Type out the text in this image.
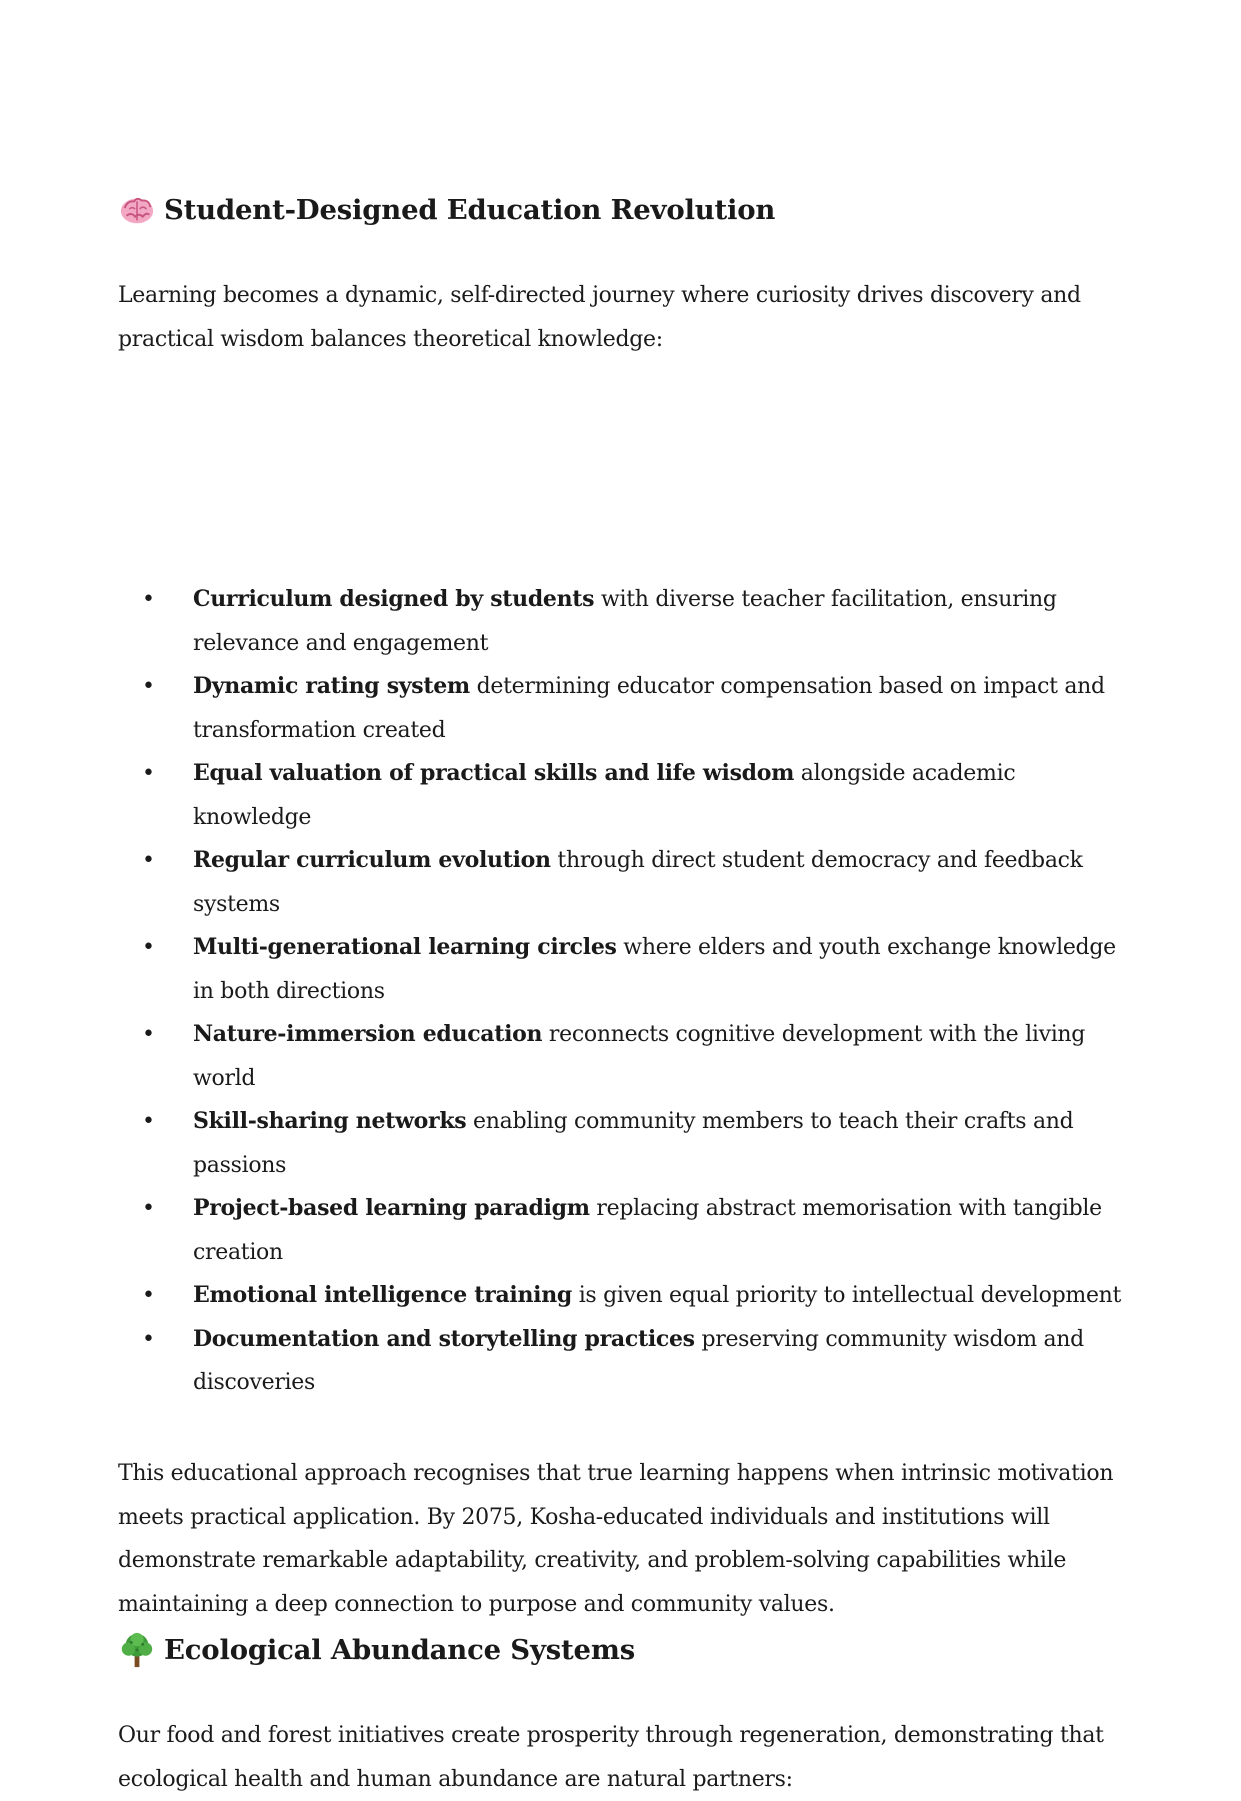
Student-Designed Education Revolution

Learning becomes a dynamic, self-directed journey where curiosity drives discovery and practical wisdom balances theoretical knowledge:

• Curriculum designed by students with diverse teacher facilitation, ensuring relevance and engagement
• Dynamic rating system determining educator compensation based on impact and transformation created
• Equal valuation of practical skills and life wisdom alongside academic knowledge
• Regular curriculum evolution through direct student democracy and feedback systems
• Multi-generational learning circles where elders and youth exchange knowledge in both directions
• Nature-immersion education reconnects cognitive development with the living world
• Skill-sharing networks enabling community members to teach their crafts and passions
• Project-based learning paradigm replacing abstract memorisation with tangible creation
• Emotional intelligence training is given equal priority to intellectual development
• Documentation and storytelling practices preserving community wisdom and discoveries

This educational approach recognises that true learning happens when intrinsic motivation meets practical application. By 2075, Kosha-educated individuals and institutions will demonstrate remarkable adaptability, creativity, and problem-solving capabilities while maintaining a deep connection to purpose and community values.

Ecological Abundance Systems

Our food and forest initiatives create prosperity through regeneration, demonstrating that ecological health and human abundance are natural partners:
